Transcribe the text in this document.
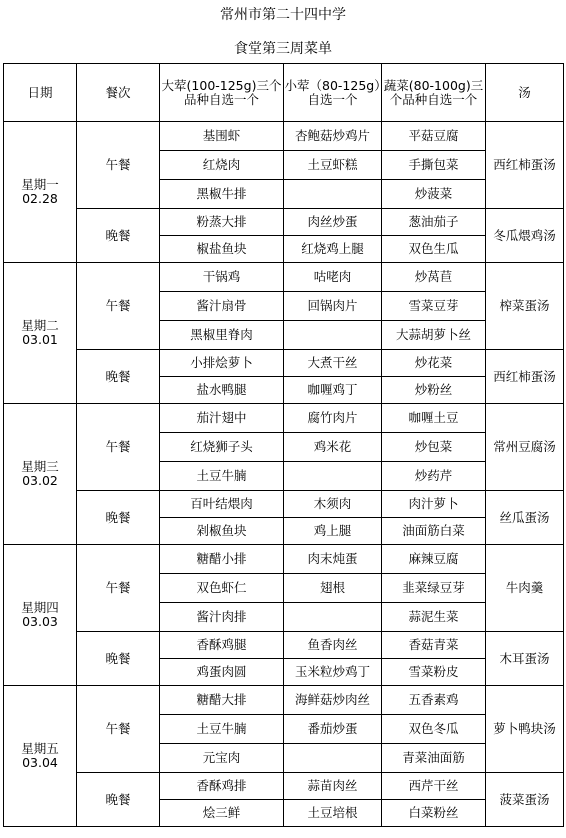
常州市第二十四中学
食堂第三周菜单
日期	餐次	大荤(100-125g)三个品种自选一个	小荤（80-125g）自选一个	蔬菜(80-100g)三个品种自选一个	汤

星期一
02.28	午餐	基围虾	杏鲍菇炒鸡片	平菇豆腐	西红柿蛋汤
		红烧肉	土豆虾糕	手撕包菜	
		黑椒牛排		炒菠菜	
	晚餐	粉蒸大排	肉丝炒蛋	葱油茄子	冬瓜煨鸡汤
		椒盐鱼块	红烧鸡上腿	双色生瓜	

星期二
03.01	午餐	干锅鸡	咕咾肉	炒莴苣	榨菜蛋汤
		酱汁扇骨	回锅肉片	雪菜豆芽	
		黑椒里脊肉		大蒜胡萝卜丝	
	晚餐	小排烩萝卜	大煮干丝	炒花菜	西红柿蛋汤
		盐水鸭腿	咖喱鸡丁	炒粉丝	

星期三
03.02	午餐	茄汁翅中	腐竹肉片	咖喱土豆	常州豆腐汤
		红烧狮子头	鸡米花	炒包菜	
		土豆牛腩		炒药芹	
	晚餐	百叶结煨肉	木须肉	肉汁萝卜	丝瓜蛋汤
		剁椒鱼块	鸡上腿	油面筋白菜	

星期四
03.03	午餐	糖醋小排	肉末炖蛋	麻辣豆腐	牛肉羹
		双色虾仁	翅根	韭菜绿豆芽	
		酱汁肉排		蒜泥生菜	
	晚餐	香酥鸡腿	鱼香肉丝	香菇青菜	木耳蛋汤
		鸡蛋肉圆	玉米粒炒鸡丁	雪菜粉皮	

星期五
03.04	午餐	糖醋大排	海鲜菇炒肉丝	五香素鸡	萝卜鸭块汤
		土豆牛腩	番茄炒蛋	双色冬瓜	
		元宝肉		青菜油面筋	
	晚餐	香酥鸡排	蒜苗肉丝	西芹干丝	菠菜蛋汤
		烩三鲜	土豆培根	白菜粉丝	
